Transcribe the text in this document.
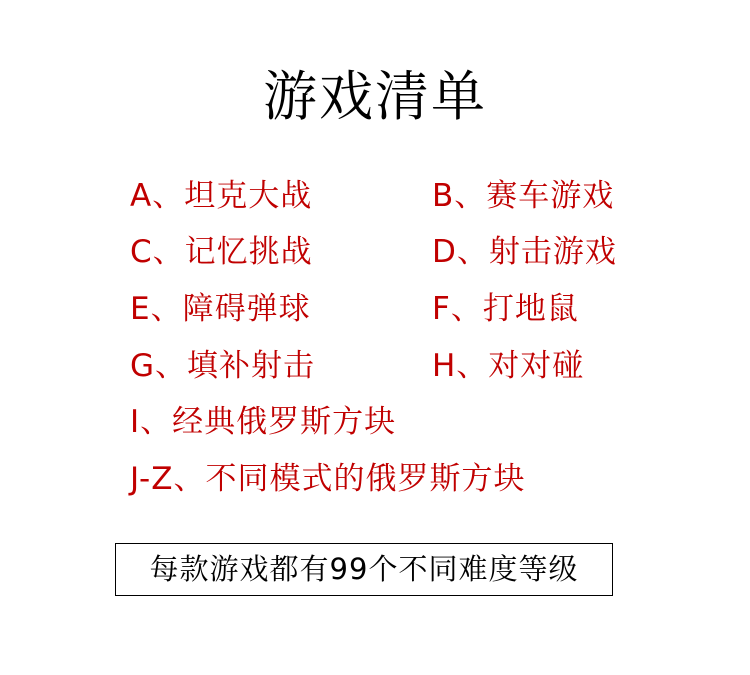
游戏清单
A、坦克大战	B、赛车游戏
C、记忆挑战	D、射击游戏
E、障碍弹球	F、打地鼠
G、填补射击	H、对对碰
I、经典俄罗斯方块
J-Z、不同模式的俄罗斯方块
每款游戏都有99个不同难度等级
